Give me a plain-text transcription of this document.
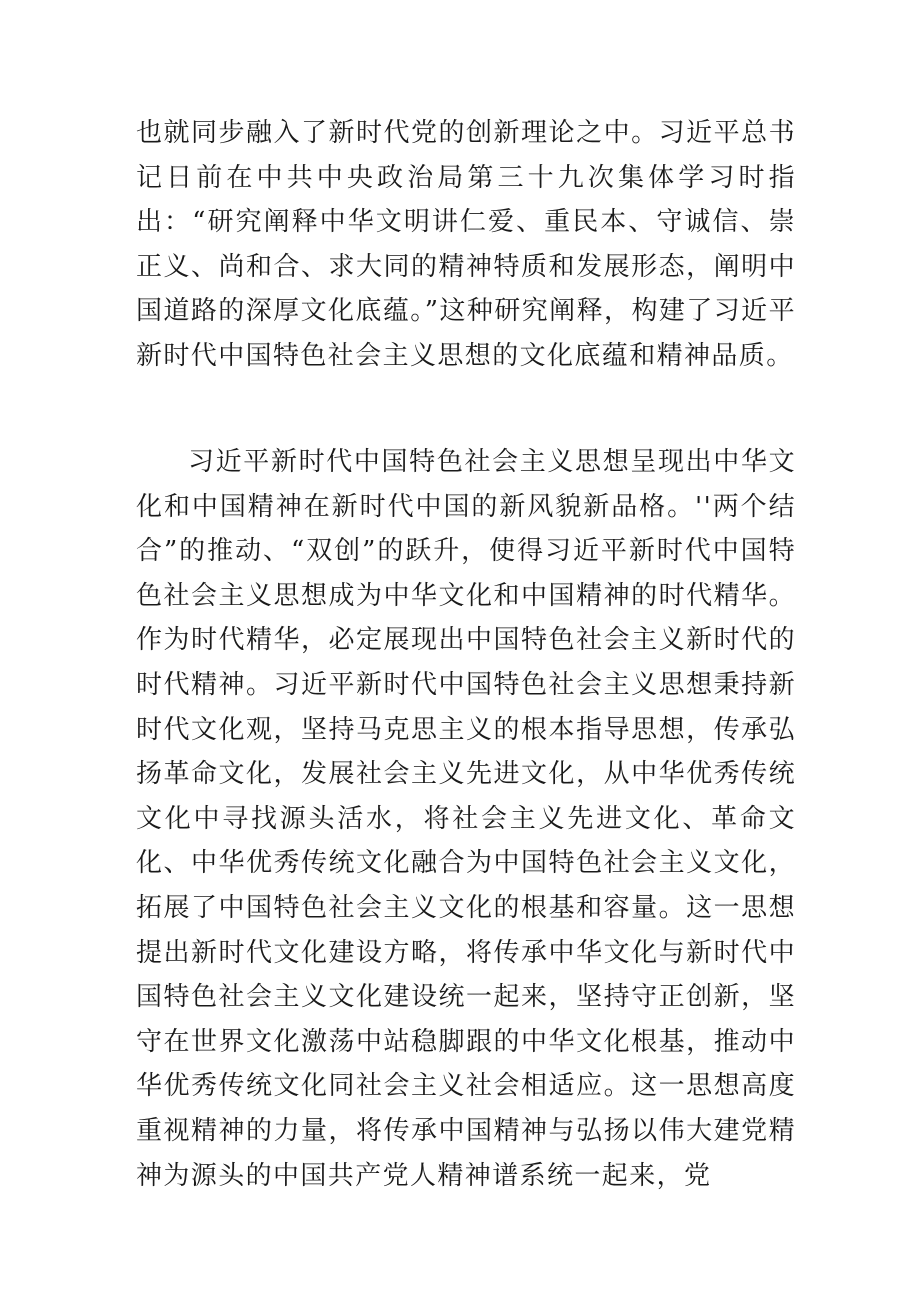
也就同步融入了新时代党的创新理论之中。习近平总书记日前在中共中央政治局第三十九次集体学习时指出：“研究阐释中华文明讲仁爱、重民本、守诚信、崇正义、尚和合、求大同的精神特质和发展形态，阐明中国道路的深厚文化底蕴。”这种研究阐释，构建了习近平新时代中国特色社会主义思想的文化底蕴和精神品质。

习近平新时代中国特色社会主义思想呈现出中华文化和中国精神在新时代中国的新风貌新品格。''两个结合”的推动、“双创”的跃升，使得习近平新时代中国特色社会主义思想成为中华文化和中国精神的时代精华。作为时代精华，必定展现出中国特色社会主义新时代的时代精神。习近平新时代中国特色社会主义思想秉持新时代文化观，坚持马克思主义的根本指导思想，传承弘扬革命文化，发展社会主义先进文化，从中华优秀传统文化中寻找源头活水，将社会主义先进文化、革命文化、中华优秀传统文化融合为中国特色社会主义文化，拓展了中国特色社会主义文化的根基和容量。这一思想提出新时代文化建设方略，将传承中华文化与新时代中国特色社会主义文化建设统一起来，坚持守正创新，坚守在世界文化激荡中站稳脚跟的中华文化根基，推动中华优秀传统文化同社会主义社会相适应。这一思想高度重视精神的力量，将传承中国精神与弘扬以伟大建党精神为源头的中国共产党人精神谱系统一起来，党
